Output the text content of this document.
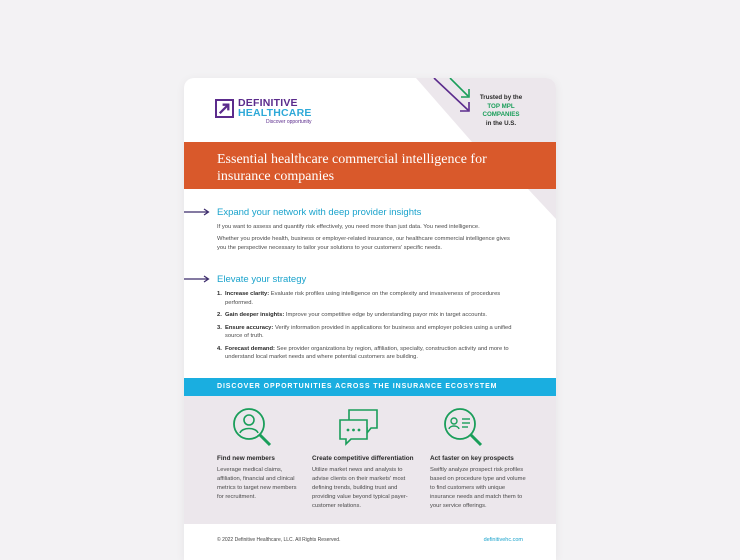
Trusted by the
TOP MPL
COMPANIES
in the U.S.
DEFINITIVE
HEALTHCARE
Discover opportunity
Essential healthcare commercial intelligence for insurance companies
Expand your network with deep provider insights

If you want to assess and quantify risk effectively, you need more than just data. You need intelligence.

Whether you provide health, business or employer-related insurance, our healthcare commercial intelligence gives you the perspective necessary to tailor your solutions to your customers' specific needs.

Elevate your strategy
1. Increase clarity: Evaluate risk profiles using intelligence on the complexity and invasiveness of procedures performed.
2. Gain deeper insights: Improve your competitive edge by understanding payor mix in target accounts.
3. Ensure accuracy: Verify information provided in applications for business and employer policies using a unified source of truth.
4. Forecast demand: See provider organizations by region, affiliation, specialty, construction activity and more to understand local market needs and where potential customers are building.
DISCOVER OPPORTUNITIES ACROSS THE INSURANCE ECOSYSTEM
Find new members

Leverage medical claims, affiliation, financial and clinical metrics to target new members for recruitment.

Create competitive differentiation

Utilize market news and analysis to advise clients on their markets' most defining trends, building trust and providing value beyond typical payer-customer relations.

Act faster on key prospects

Swiftly analyze prospect risk profiles based on procedure type and volume to find customers with unique insurance needs and match them to your service offerings.

© 2022 Definitive Healthcare, LLC. All Rights Reserved.	definitivehc.com
